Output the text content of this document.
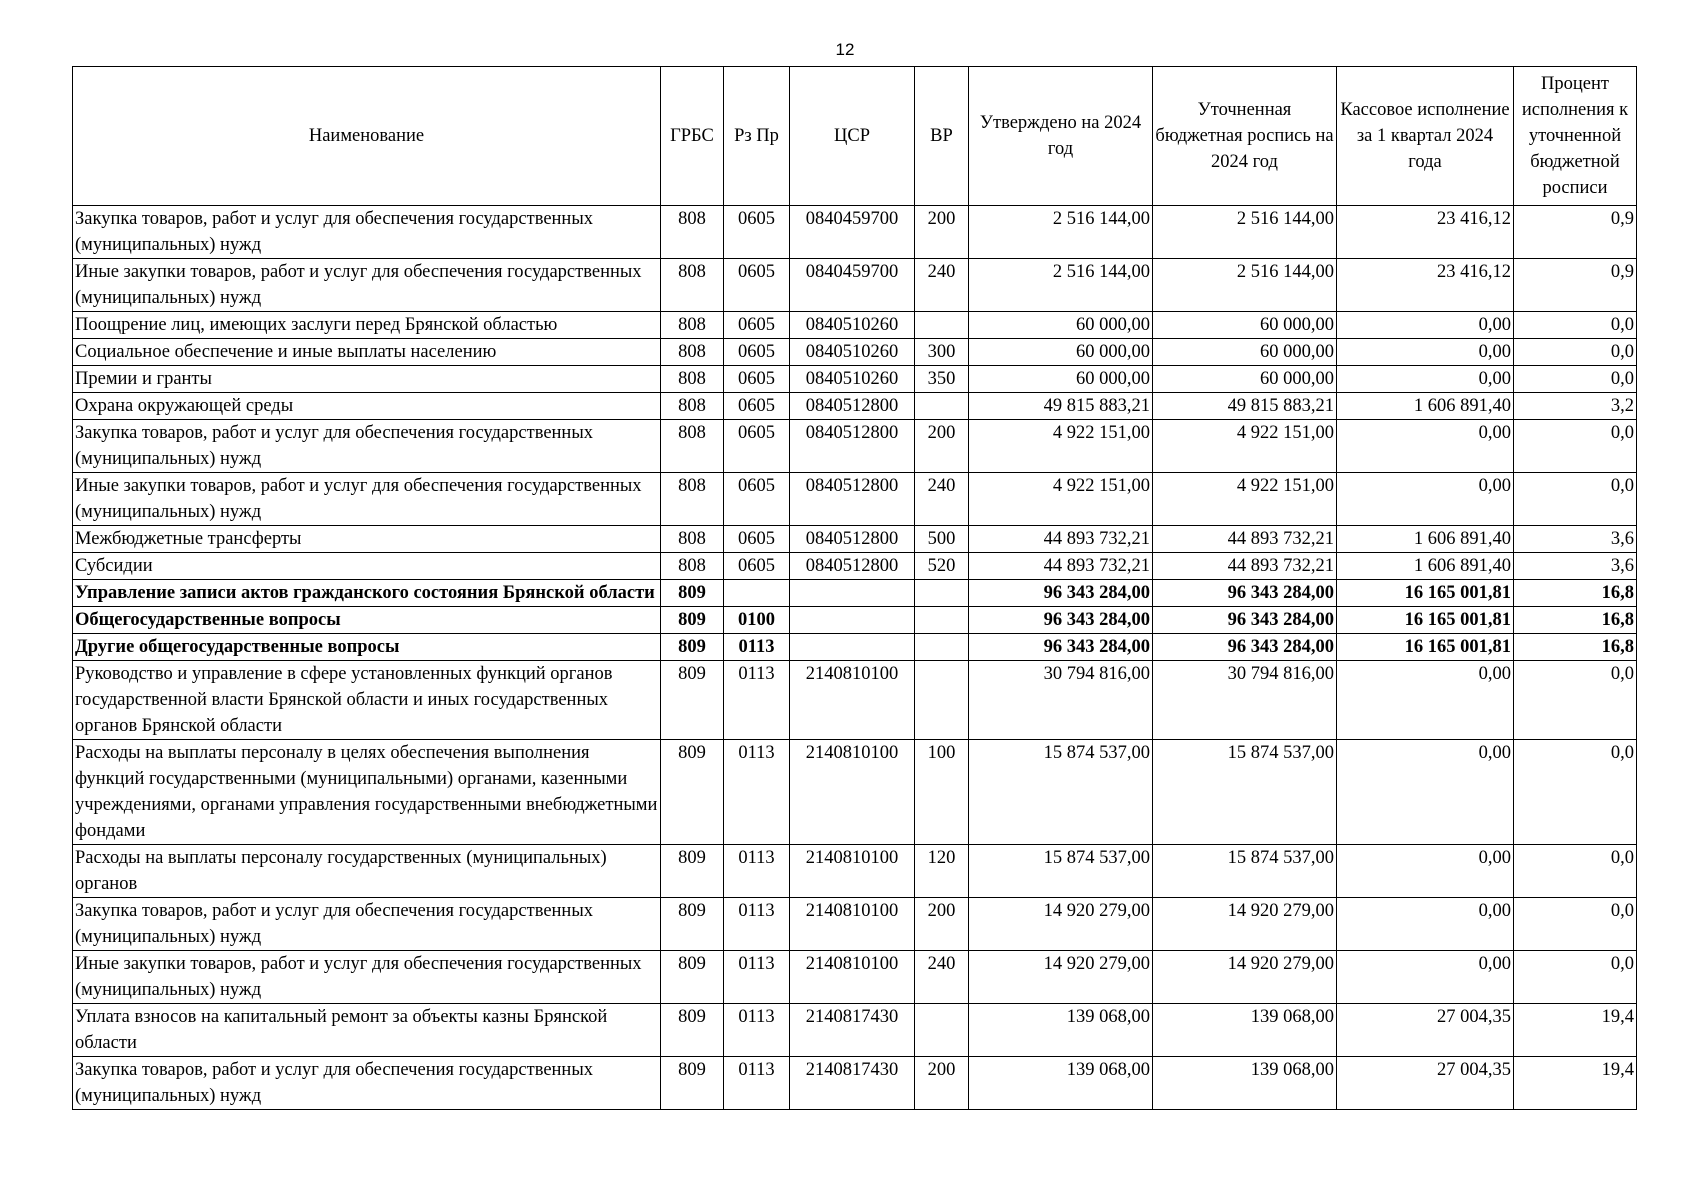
12
Наименование	ГРБС	Рз Пр	ЦСР	ВР	Утверждено на 2024 год	Уточненная бюджетная роспись на 2024 год	Кассовое исполнение за 1 квартал 2024 года	Процент исполнения к уточненной бюджетной росписи
Закупка товаров, работ и услуг для обеспечения государственных (муниципальных) нужд	808	0605	0840459700	200	2 516 144,00	2 516 144,00	23 416,12	0,9
Иные закупки товаров, работ и услуг для обеспечения государственных (муниципальных) нужд	808	0605	0840459700	240	2 516 144,00	2 516 144,00	23 416,12	0,9
Поощрение лиц, имеющих заслуги перед Брянской областью	808	0605	0840510260		60 000,00	60 000,00	0,00	0,0
Социальное обеспечение и иные выплаты населению	808	0605	0840510260	300	60 000,00	60 000,00	0,00	0,0
Премии и гранты	808	0605	0840510260	350	60 000,00	60 000,00	0,00	0,0
Охрана окружающей среды	808	0605	0840512800		49 815 883,21	49 815 883,21	1 606 891,40	3,2
Закупка товаров, работ и услуг для обеспечения государственных (муниципальных) нужд	808	0605	0840512800	200	4 922 151,00	4 922 151,00	0,00	0,0
Иные закупки товаров, работ и услуг для обеспечения государственных (муниципальных) нужд	808	0605	0840512800	240	4 922 151,00	4 922 151,00	0,00	0,0
Межбюджетные трансферты	808	0605	0840512800	500	44 893 732,21	44 893 732,21	1 606 891,40	3,6
Субсидии	808	0605	0840512800	520	44 893 732,21	44 893 732,21	1 606 891,40	3,6
Управление записи актов гражданского состояния Брянской области	809				96 343 284,00	96 343 284,00	16 165 001,81	16,8
Общегосударственные вопросы	809	0100			96 343 284,00	96 343 284,00	16 165 001,81	16,8
Другие общегосударственные вопросы	809	0113			96 343 284,00	96 343 284,00	16 165 001,81	16,8
Руководство и управление в сфере установленных функций органов государственной власти Брянской области и иных государственных органов Брянской области	809	0113	2140810100		30 794 816,00	30 794 816,00	0,00	0,0
Расходы на выплаты персоналу в целях обеспечения выполнения функций государственными (муниципальными) органами, казенными учреждениями, органами управления государственными внебюджетными фондами	809	0113	2140810100	100	15 874 537,00	15 874 537,00	0,00	0,0
Расходы на выплаты персоналу государственных (муниципальных) органов	809	0113	2140810100	120	15 874 537,00	15 874 537,00	0,00	0,0
Закупка товаров, работ и услуг для обеспечения государственных (муниципальных) нужд	809	0113	2140810100	200	14 920 279,00	14 920 279,00	0,00	0,0
Иные закупки товаров, работ и услуг для обеспечения государственных (муниципальных) нужд	809	0113	2140810100	240	14 920 279,00	14 920 279,00	0,00	0,0
Уплата взносов на капитальный ремонт за объекты казны Брянской области	809	0113	2140817430		139 068,00	139 068,00	27 004,35	19,4
Закупка товаров, работ и услуг для обеспечения государственных (муниципальных) нужд	809	0113	2140817430	200	139 068,00	139 068,00	27 004,35	19,4
